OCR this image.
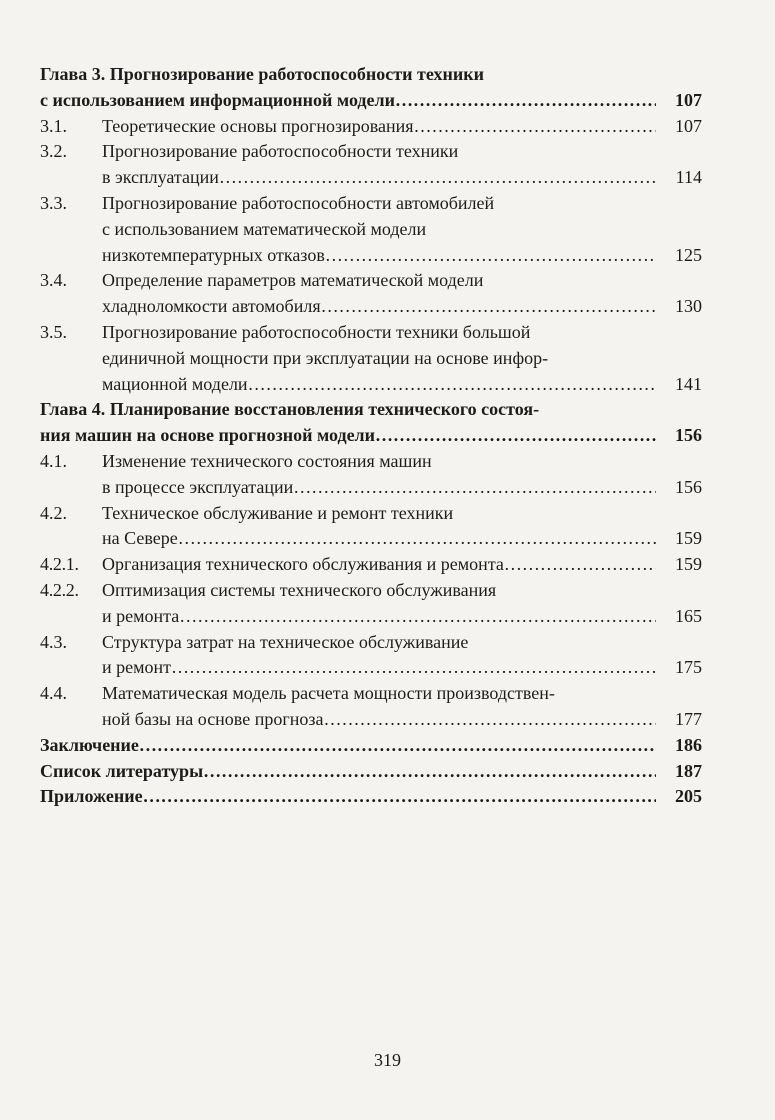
Глава 3. Прогнозирование работоспособности техники
с использованием информационной модели ………………………………………………………………………………………………………………………………………………	107
3.1.	Теоретические основы прогнозирования ………………………………………………………………………………………………………………………………………………	107
3.2.	Прогнозирование работоспособности техники
в эксплуатации ………………………………………………………………………………………………………………………………………………	114
3.3.	Прогнозирование работоспособности автомобилей
с использованием математической модели
низкотемпературных отказов ………………………………………………………………………………………………………………………………………………	125
3.4.	Определение параметров математической модели
хладноломкости автомобиля ………………………………………………………………………………………………………………………………………………	130
3.5.	Прогнозирование работоспособности техники большой
единичной мощности при эксплуатации на основе инфор-
мационной модели ………………………………………………………………………………………………………………………………………………	141
Глава 4. Планирование восстановления технического состоя-
ния машин на основе прогнозной модели ………………………………………………………………………………………………………………………………………………	156
4.1.	Изменение технического состояния машин
в процессе эксплуатации ………………………………………………………………………………………………………………………………………………	156
4.2.	Техническое обслуживание и ремонт техники
на Севере ………………………………………………………………………………………………………………………………………………	159
4.2.1.	Организация технического обслуживания и ремонта ………………………………………………………………………………………………………………………………………………	159
4.2.2.	Оптимизация системы технического обслуживания
и ремонта ………………………………………………………………………………………………………………………………………………	165
4.3.	Структура затрат на техническое обслуживание
и ремонт ………………………………………………………………………………………………………………………………………………	175
4.4.	Математическая модель расчета мощности производствен-
ной базы на основе прогноза ………………………………………………………………………………………………………………………………………………	177
Заключение ………………………………………………………………………………………………………………………………………………	186
Список литературы ………………………………………………………………………………………………………………………………………………	187
Приложение ………………………………………………………………………………………………………………………………………………	205
319
